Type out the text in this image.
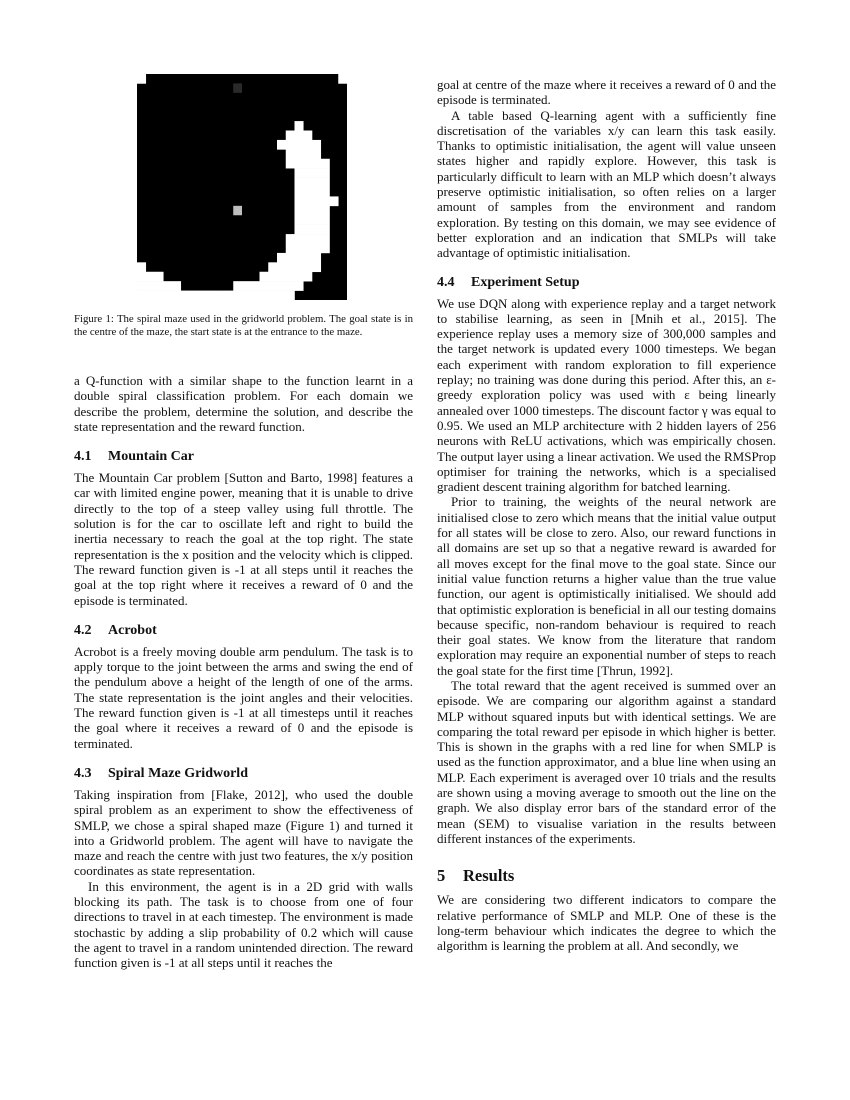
Figure 1: The spiral maze used in the gridworld problem. The goal state is in the centre of the maze, the start state is at the entrance to the maze.

a Q-function with a similar shape to the function learnt in a double spiral classification problem. For each domain we describe the problem, determine the solution, and describe the state representation and the reward function.

4.1 Mountain Car

The Mountain Car problem [Sutton and Barto, 1998] features a car with limited engine power, meaning that it is unable to drive directly to the top of a steep valley using full throttle. The solution is for the car to oscillate left and right to build the inertia necessary to reach the goal at the top right. The state representation is the x position and the velocity which is clipped. The reward function given is -1 at all steps until it reaches the goal at the top right where it receives a reward of 0 and the episode is terminated.

4.2 Acrobot

Acrobot is a freely moving double arm pendulum. The task is to apply torque to the joint between the arms and swing the end of the pendulum above a height of the length of one of the arms. The state representation is the joint angles and their velocities. The reward function given is -1 at all timesteps until it reaches the goal where it receives a reward of 0 and the episode is terminated.

4.3 Spiral Maze Gridworld

Taking inspiration from [Flake, 2012], who used the double spiral problem as an experiment to show the effectiveness of SMLP, we chose a spiral shaped maze (Figure 1) and turned it into a Gridworld problem. The agent will have to navigate the maze and reach the centre with just two features, the x/y position coordinates as state representation.

In this environment, the agent is in a 2D grid with walls blocking its path. The task is to choose from one of four directions to travel in at each timestep. The environment is made stochastic by adding a slip probability of 0.2 which will cause the agent to travel in a random unintended direction. The reward function given is -1 at all steps until it reaches the

goal at centre of the maze where it receives a reward of 0 and the episode is terminated.

A table based Q-learning agent with a sufficiently fine discretisation of the variables x/y can learn this task easily. Thanks to optimistic initialisation, the agent will value unseen states higher and rapidly explore. However, this task is particularly difficult to learn with an MLP which doesn’t always preserve optimistic initialisation, so often relies on a larger amount of samples from the environment and random exploration. By testing on this domain, we may see evidence of better exploration and an indication that SMLPs will take advantage of optimistic initialisation.

4.4 Experiment Setup

We use DQN along with experience replay and a target network to stabilise learning, as seen in [Mnih et al., 2015]. The experience replay uses a memory size of 300,000 samples and the target network is updated every 1000 timesteps. We began each experiment with random exploration to fill experience replay; no training was done during this period. After this, an ε-greedy exploration policy was used with ε being linearly annealed over 1000 timesteps. The discount factor γ was equal to 0.95. We used an MLP architecture with 2 hidden layers of 256 neurons with ReLU activations, which was empirically chosen. The output layer using a linear activation. We used the RMSProp optimiser for training the networks, which is a specialised gradient descent training algorithm for batched learning.

Prior to training, the weights of the neural network are initialised close to zero which means that the initial value output for all states will be close to zero. Also, our reward functions in all domains are set up so that a negative reward is awarded for all moves except for the final move to the goal state. Since our initial value function returns a higher value than the true value function, our agent is optimistically initialised. We should add that optimistic exploration is beneficial in all our testing domains because specific, non-random behaviour is required to reach their goal states. We know from the literature that random exploration may require an exponential number of steps to reach the goal state for the first time [Thrun, 1992].

The total reward that the agent received is summed over an episode. We are comparing our algorithm against a standard MLP without squared inputs but with identical settings. We are comparing the total reward per episode in which higher is better. This is shown in the graphs with a red line for when SMLP is used as the function approximator, and a blue line when using an MLP. Each experiment is averaged over 10 trials and the results are shown using a moving average to smooth out the line on the graph. We also display error bars of the standard error of the mean (SEM) to visualise variation in the results between different instances of the experiments.

5 Results

We are considering two different indicators to compare the relative performance of SMLP and MLP. One of these is the long-term behaviour which indicates the degree to which the algorithm is learning the problem at all. And secondly, we
